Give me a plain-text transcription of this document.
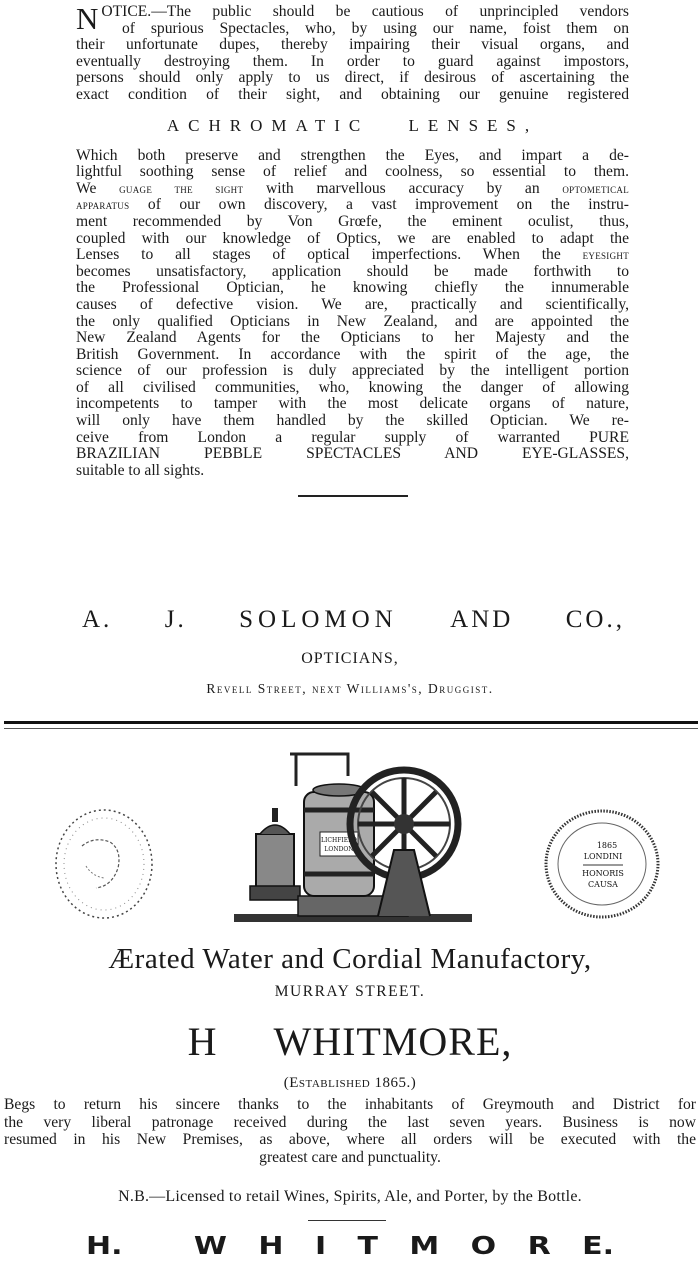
N OTICE.—The public should be cautious of unprincipled vendors
of spurious Spectacles, who, by using our name, foist them on
their unfortunate dupes, thereby impairing their visual organs, and
eventually destroying them. In order to guard against impostors,
persons should only apply to us direct, if desirous of ascertaining the
exact condition of their sight, and obtaining our genuine registered

ACHROMATIC LENSES,

Which both preserve and strengthen the Eyes, and impart a de-
lightful soothing sense of relief and coolness, so essential to them.
We guage the sight with marvellous accuracy by an optometical
apparatus of our own discovery, a vast improvement on the instru-
ment recommended by Von Grœfe, the eminent oculist, thus,
coupled with our knowledge of Optics, we are enabled to adapt the
Lenses to all stages of optical imperfections. When the eyesight
becomes unsatisfactory, application should be made forthwith to
the Professional Optician, he knowing chiefly the innumerable
causes of defective vision. We are, practically and scientifically,
the only qualified Opticians in New Zealand, and are appointed the
New Zealand Agents for the Opticians to her Majesty and the
British Government. In accordance with the spirit of the age, the
science of our profession is duly appreciated by the intelligent portion
of all civilised communities, who, knowing the danger of allowing
incompetents to tamper with the most delicate organs of nature,
will only have them handled by the skilled Optician. We re-
ceive from London a regular supply of warranted PURE
BRAZILIAN PEBBLE SPECTACLES AND EYE-GLASSES,
suitable to all sights.

A. J. SOLOMON AND CO.,
OPTICIANS,
Revell Street, next Williams's, Druggist.
LICHFIELD
LONDON	1865
LONDINI
HONORIS
CAUSA
Ærated Water and Cordial Manufactory,
MURRAY STREET.
H WHITMORE,
(Established 1865.)

Begs to return his sincere thanks to the inhabitants of Greymouth and District for
the very liberal patronage received during the last seven years. Business is now
resumed in his New Premises, as above, where all orders will be executed with the
greatest care and punctuality.

N.B.—Licensed to retail Wines, Spirits, Ale, and Porter, by the Bottle.
H. W H I T M O R E.
